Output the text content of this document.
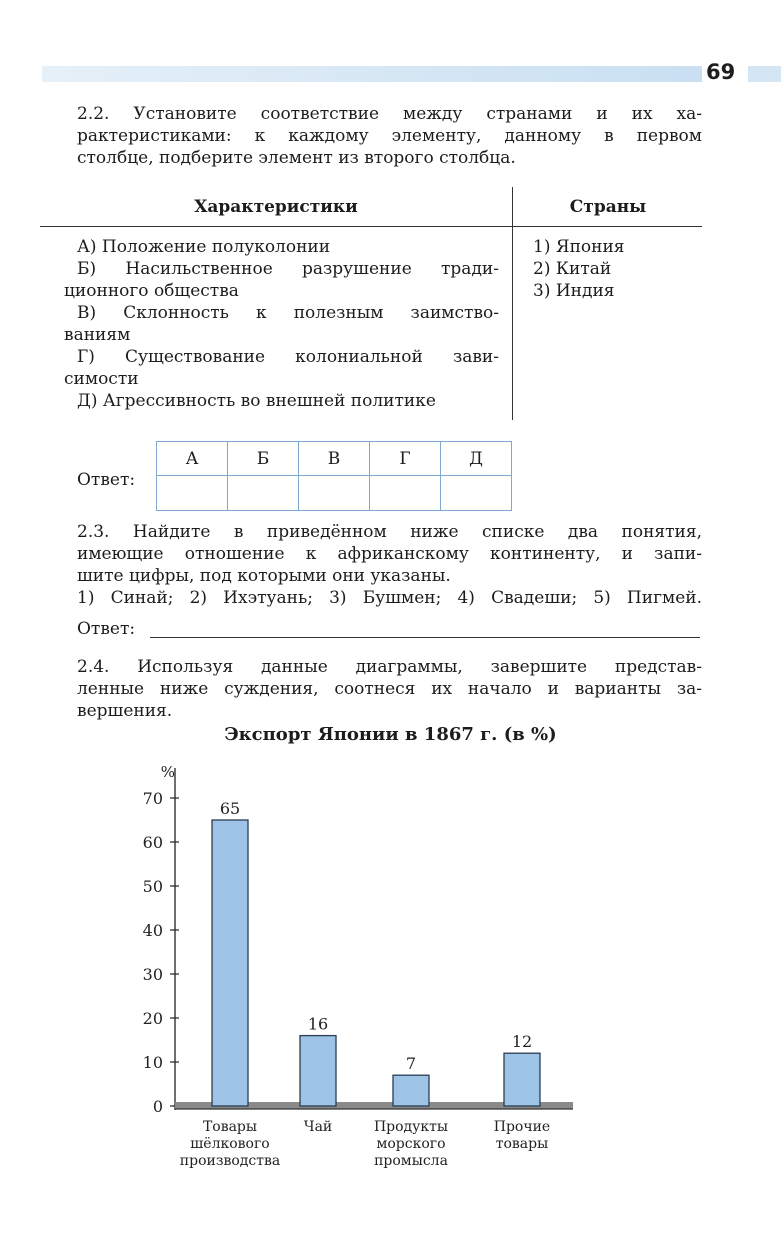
69
2.2. Установите соответствие между странами и их ха-
рактеристиками: к каждому элементу, данному в первом
столбце, подберите элемент из второго столбца.
Характеристики	Страны
А) Положение полуколонии
Б) Насильственное разрушение тради-
ционного общества
В) Склонность к полезным заимство-
ваниям
Г) Существование колониальной зави-
симости
Д) Агрессивность во внешней политике
1) Япония
2) Китай
3) Индия
Ответ:
А	Б	В	Г	Д

2.3. Найдите в приведённом ниже списке два понятия,
имеющие отношение к африканскому континенту, и запи-
шите цифры, под которыми они указаны.
1) Синай; 2) Ихэтуань; 3) Бушмен; 4) Свадеши; 5) Пигмей.
Ответ:
2.4. Используя данные диаграммы, завершите представ-
ленные ниже суждения, соотнеся их начало и варианты за-
вершения.
Экспорт Японии в 1867 г. (в %)
%
0
10
20
30
40
50
60
70
65
Товары
шёлкового
производства
16
Чай
7
Продукты
морского
промысла
12
Прочие
товары
